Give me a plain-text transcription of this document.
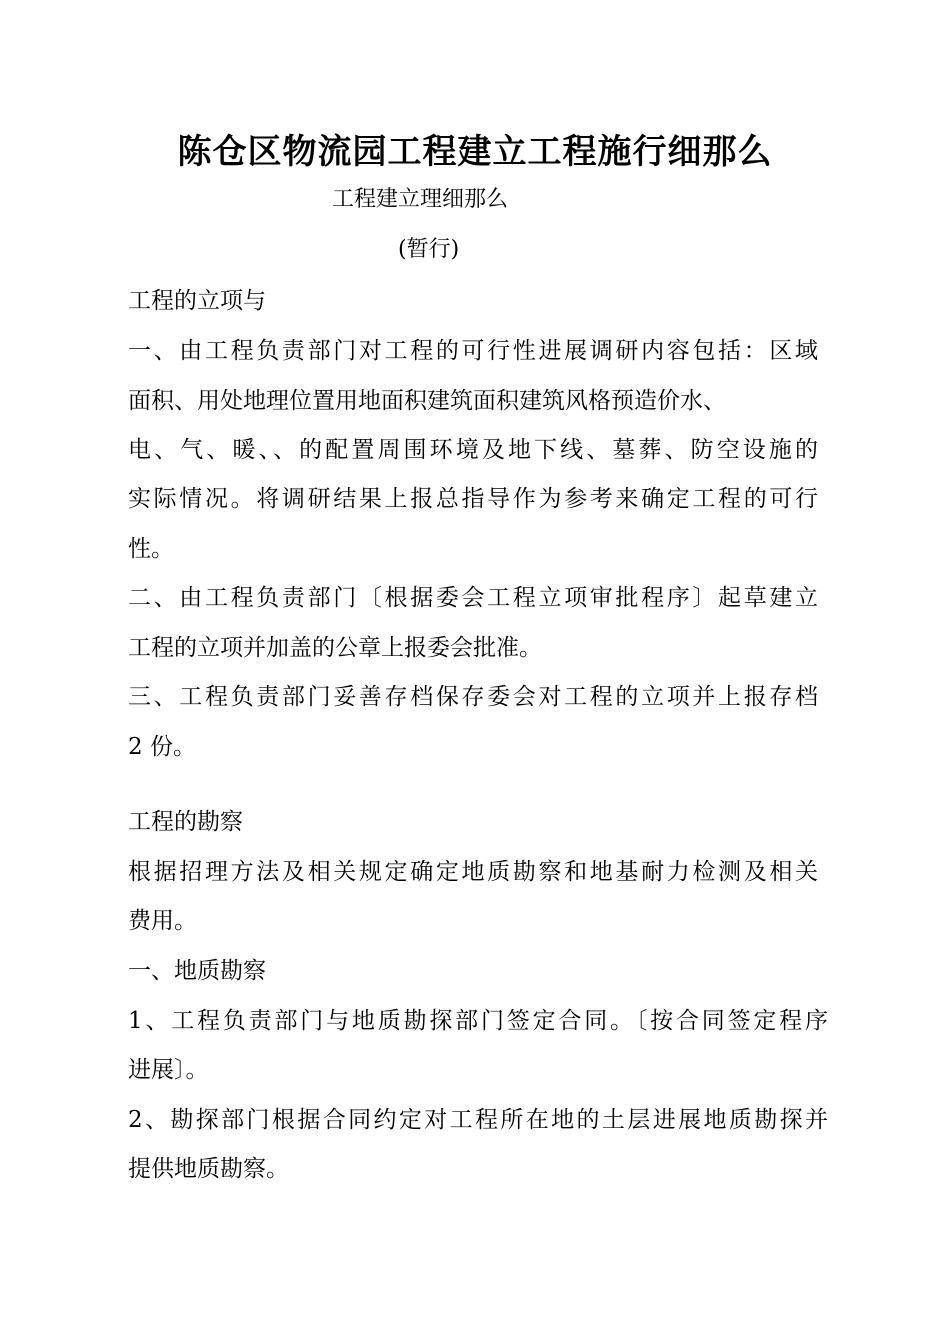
陈仓区物流园工程建立工程施行细那么
工程建立理细那么
(暂行)
工程的立项与
一、由工程负责部门对工程的可行性进展调研内容包括：区域
面积、用处地理位置用地面积建筑面积建筑风格预造价水、
电、气、暖、、的配置周围环境及地下线、墓葬、防空设施的
实际情况。将调研结果上报总指导作为参考来确定工程的可行
性。
二、由工程负责部门〔根据委会工程立项审批程序〕起草建立
工程的立项并加盖的公章上报委会批准。
三、工程负责部门妥善存档保存委会对工程的立项并上报存档
2 份。
工程的勘察
根据招理方法及相关规定确定地质勘察和地基耐力检测及相关
费用。
一、地质勘察
1、工程负责部门与地质勘探部门签定合同。〔按合同签定程序
进展〕。
2、勘探部门根据合同约定对工程所在地的土层进展地质勘探并
提供地质勘察。
